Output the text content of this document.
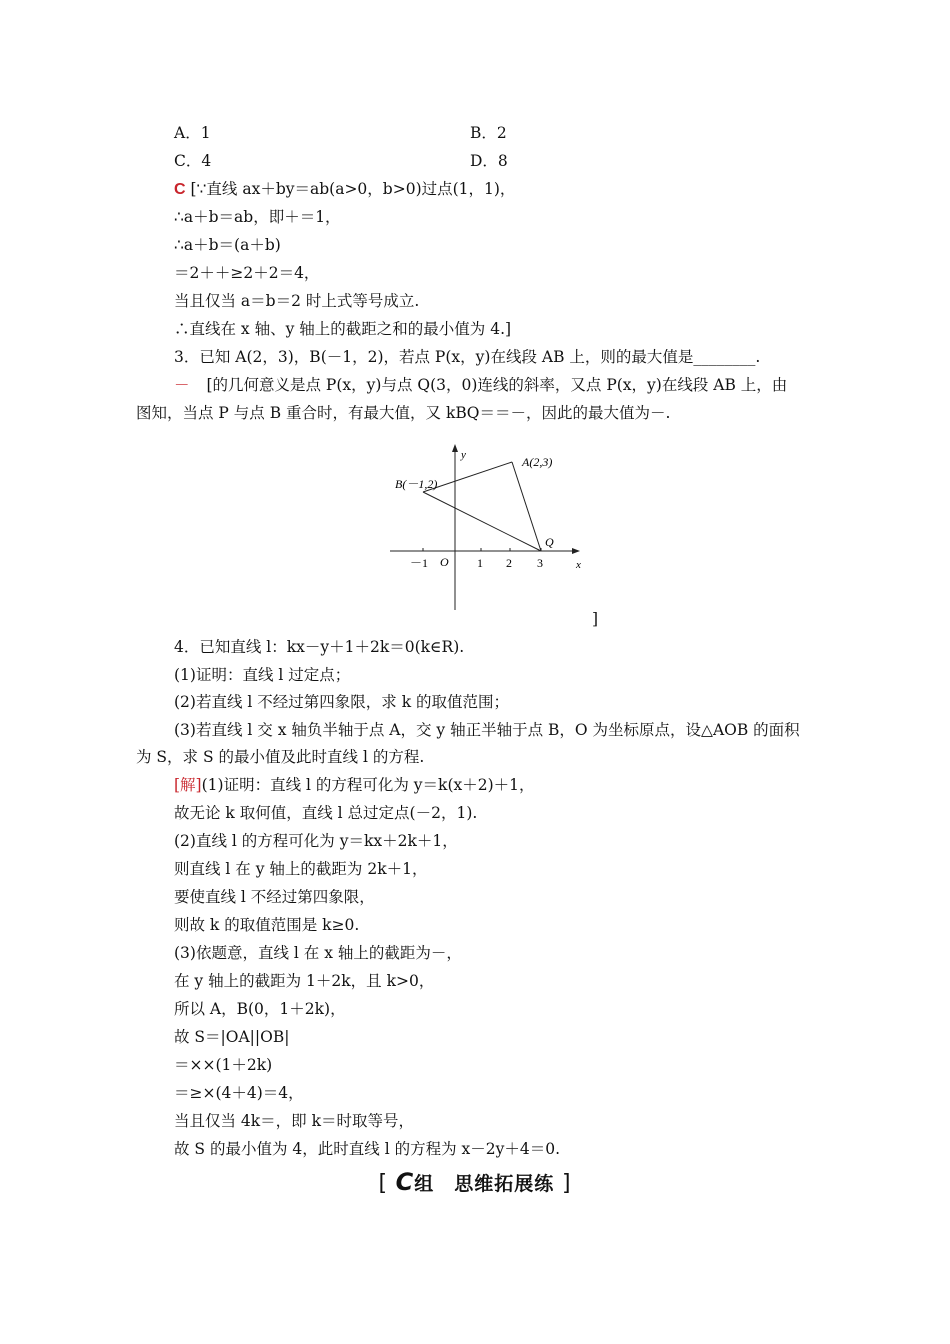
A．1	B．2
C．4	D．8
C [∵直线 ax＋by＝ab(a>0，b>0)过点(1，1)，
∴a＋b＝ab，即＋＝1，
∴a＋b＝(a＋b)
＝2＋＋≥2＋2＝4，
当且仅当 a＝b＝2 时上式等号成立.
∴直线在 x 轴、y 轴上的截距之和的最小值为 4.]
3．已知 A(2，3)，B(－1，2)，若点 P(x，y)在线段 AB 上，则的最大值是________.
－ [的几何意义是点 P(x，y)与点 Q(3，0)连线的斜率，又点 P(x，y)在线段 AB 上，由
图知，当点 P 与点 B 重合时，有最大值，又 kBQ＝＝－，因此的最大值为－.
y
x
A(2,3)
B(－1,2)
Q
O
－1	1 2 3
]
4．已知直线 l：kx－y＋1＋2k＝0(k∈R).
(1)证明：直线 l 过定点；
(2)若直线 l 不经过第四象限，求 k 的取值范围；
(3)若直线 l 交 x 轴负半轴于点 A，交 y 轴正半轴于点 B，O 为坐标原点，设△AOB 的面积
为 S，求 S 的最小值及此时直线 l 的方程.
[解](1)证明：直线 l 的方程可化为 y＝k(x＋2)＋1，
故无论 k 取何值，直线 l 总过定点(－2，1).
(2)直线 l 的方程可化为 y＝kx＋2k＋1，
则直线 l 在 y 轴上的截距为 2k＋1，
要使直线 l 不经过第四象限，
则故 k 的取值范围是 k≥0.
(3)依题意，直线 l 在 x 轴上的截距为－，
在 y 轴上的截距为 1＋2k，且 k>0，
所以 A，B(0，1＋2k)，
故 S＝|OA||OB|
＝××(1＋2k)
＝≥×(4＋4)＝4，
当且仅当 4k＝，即 k＝时取等号，
故 S 的最小值为 4，此时直线 l 的方程为 x－2y＋4＝0.
[ C组　思维拓展练 ]
